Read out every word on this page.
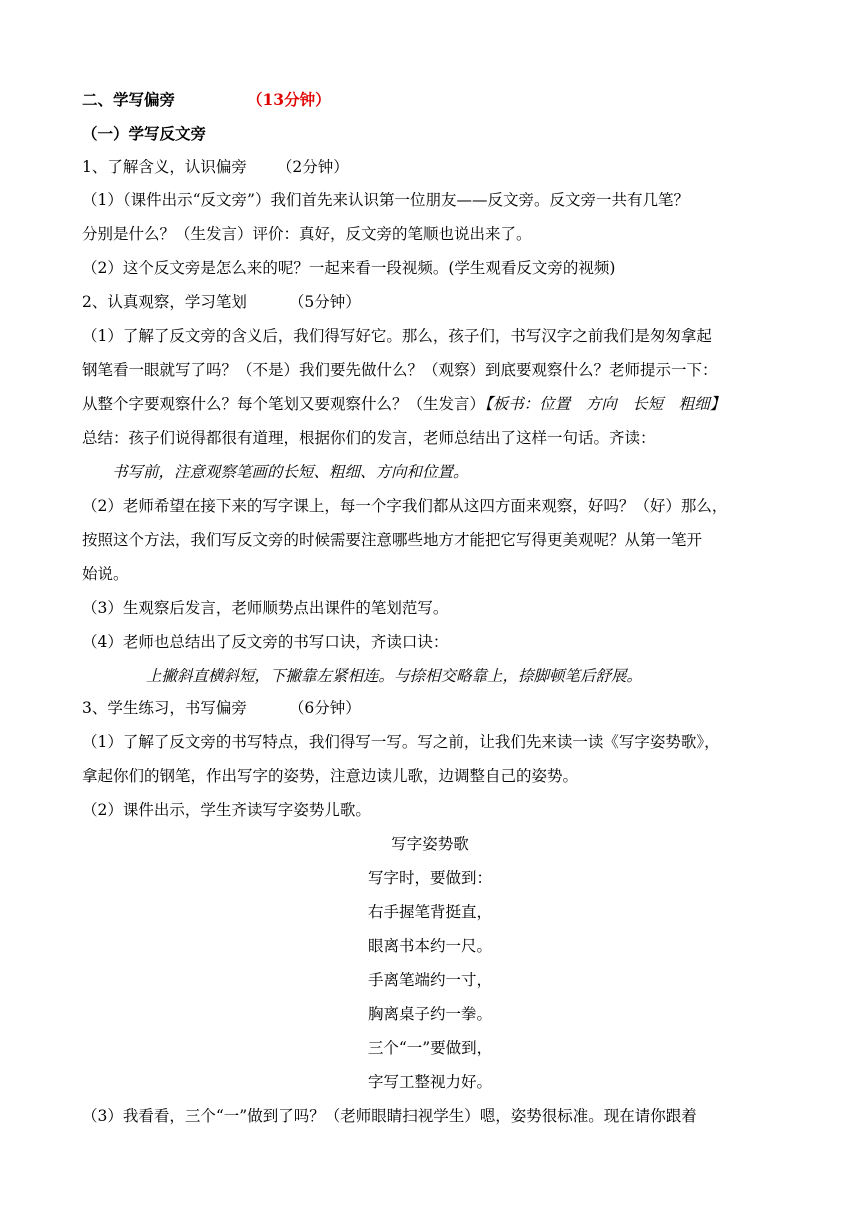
二、学写偏旁	（13分钟）
（一）学写反文旁
1、了解含义，认识偏旁 （2分钟）
（1）（课件出示“反文旁”）我们首先来认识第一位朋友——反文旁。反文旁一共有几笔？
分别是什么？（生发言）评价：真好，反文旁的笔顺也说出来了。
（2）这个反文旁是怎么来的呢？一起来看一段视频。(学生观看反文旁的视频)
2、认真观察，学习笔划	（5分钟）
（1）了解了反文旁的含义后，我们得写好它。那么，孩子们，书写汉字之前我们是匆匆拿起
钢笔看一眼就写了吗？（不是）我们要先做什么？（观察）到底要观察什么？老师提示一下：
从整个字要观察什么？每个笔划又要观察什么？（生发言）【板书：位置　方向　长短　粗细】
总结：孩子们说得都很有道理，根据你们的发言，老师总结出了这样一句话。齐读：
书写前，注意观察笔画的长短、粗细、方向和位置。
（2）老师希望在接下来的写字课上，每一个字我们都从这四方面来观察，好吗？（好）那么，
按照这个方法，我们写反文旁的时候需要注意哪些地方才能把它写得更美观呢？从第一笔开
始说。
（3）生观察后发言，老师顺势点出课件的笔划范写。
（4）老师也总结出了反文旁的书写口诀，齐读口诀：
上撇斜直横斜短，下撇靠左紧相连。与捺相交略靠上，捺脚顿笔后舒展。
3、学生练习，书写偏旁	（6分钟）
（1）了解了反文旁的书写特点，我们得写一写。写之前，让我们先来读一读《写字姿势歌》，
拿起你们的钢笔，作出写字的姿势，注意边读儿歌，边调整自己的姿势。
（2）课件出示，学生齐读写字姿势儿歌。
写字姿势歌
写字时，要做到：
右手握笔背挺直，
眼离书本约一尺。
手离笔端约一寸，
胸离桌子约一拳。
三个“一”要做到，
字写工整视力好。
（3）我看看，三个“一”做到了吗？（老师眼睛扫视学生）嗯，姿势很标准。现在请你跟着
